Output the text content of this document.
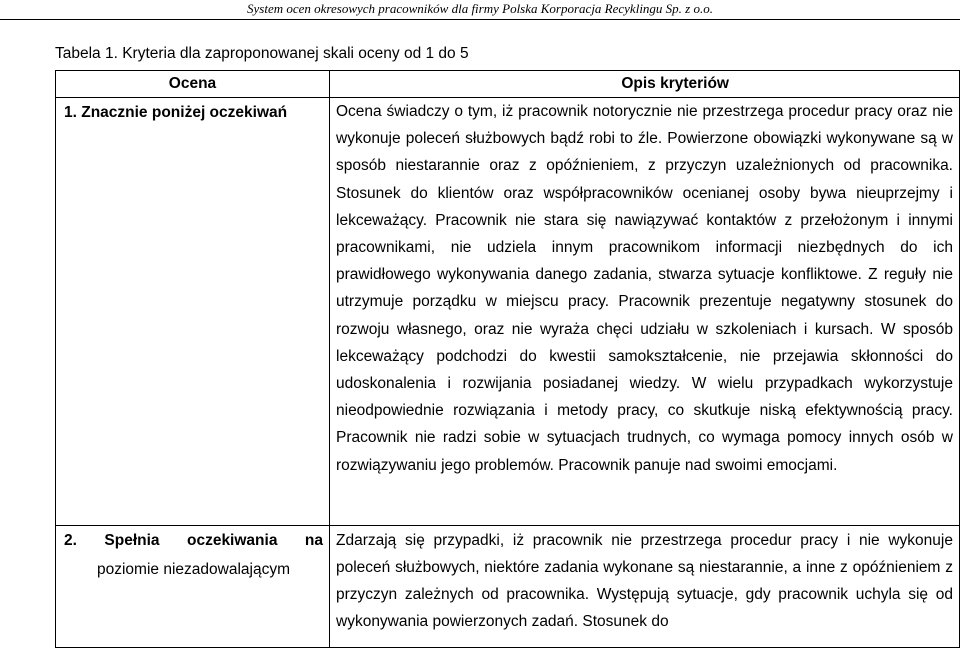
System ocen okresowych pracowników dla firmy Polska Korporacja Recyklingu Sp. z o.o.
Tabela 1. Kryteria dla zaproponowanej skali oceny od 1 do 5
Ocena	Opis kryteriów

1. Znacznie poniżej oczekiwań	Ocena świadczy o tym, iż pracownik notorycznie nie przestrzega procedur pracy oraz nie wykonuje poleceń służbowych bądź robi to źle. Powierzone obowiązki wykonywane są w sposób niestarannie oraz z opóźnieniem, z przyczyn uzależnionych od pracownika. Stosunek do klientów oraz współpracowników ocenianej osoby bywa nieuprzejmy i lekceważący. Pracownik nie stara się nawiązywać kontaktów z przełożonym i innymi pracownikami, nie udziela innym pracownikom informacji niezbędnych do ich prawidłowego wykonywania danego zadania, stwarza sytuacje konfliktowe. Z reguły nie utrzymuje porządku w miejscu pracy. Pracownik prezentuje negatywny stosunek do rozwoju własnego, oraz nie wyraża chęci udziału w szkoleniach i kursach. W sposób lekceważący podchodzi do kwestii samokształcenie, nie przejawia skłonności do udoskonalenia i rozwijania posiadanej wiedzy. W wielu przypadkach wykorzystuje nieodpowiednie rozwiązania i metody pracy, co skutkuje niską efektywnością pracy. Pracownik nie radzi sobie w sytuacjach trudnych, co wymaga pomocy innych osób w rozwiązywaniu jego problemów. Pracownik panuje nad swoimi emocjami.

2. Spełnia oczekiwania na
poziomie niezadowalającym	Zdarzają się przypadki, iż pracownik nie przestrzega procedur pracy i nie wykonuje poleceń służbowych, niektóre zadania wykonane są niestarannie, a inne z opóźnieniem z przyczyn zależnych od pracownika. Występują sytuacje, gdy pracownik uchyla się od wykonywania powierzonych zadań. Stosunek do
